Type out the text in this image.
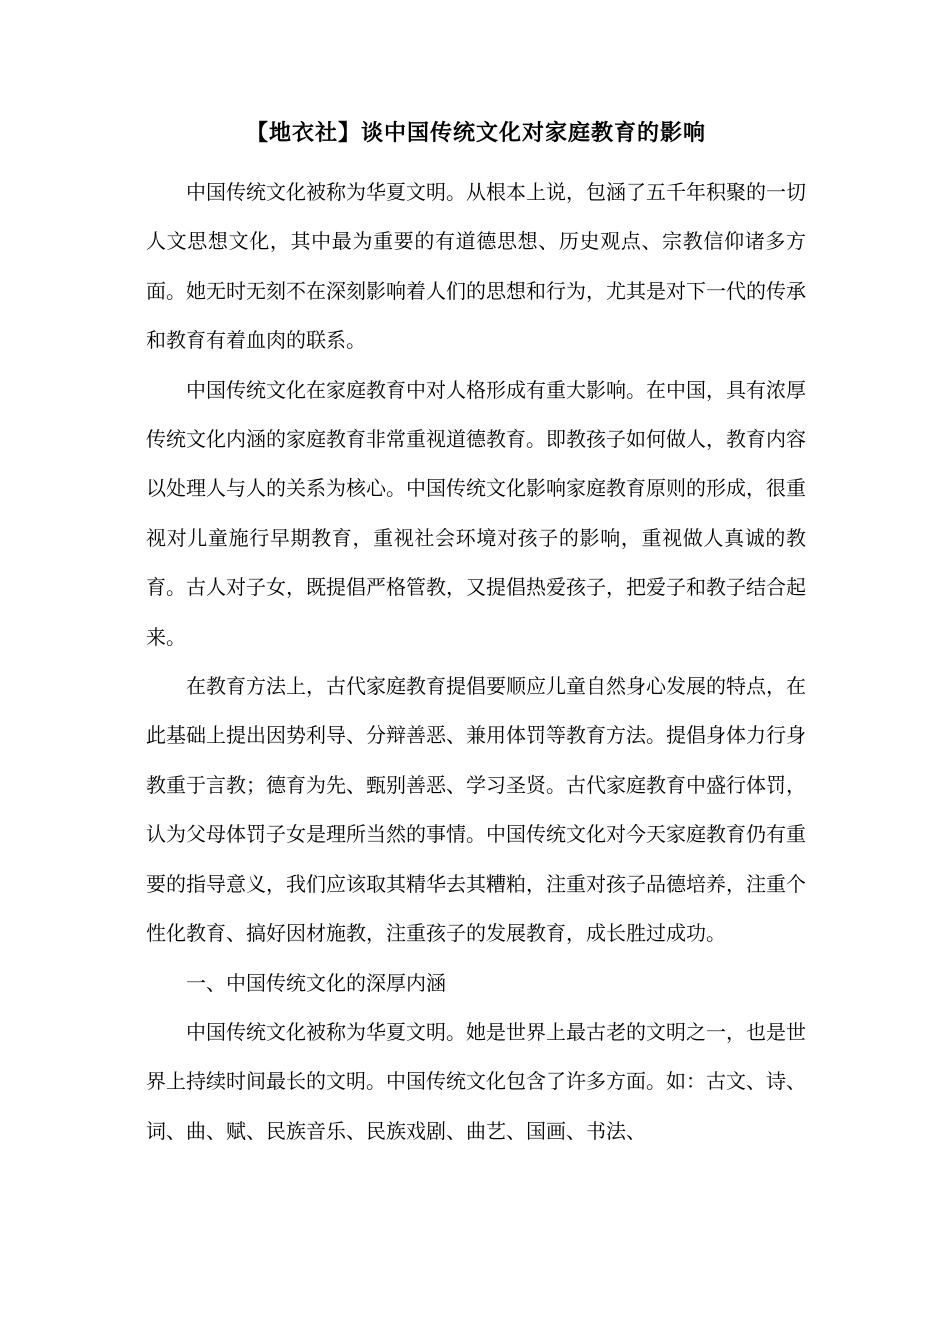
【地衣社】谈中国传统文化对家庭教育的影响

中国传统文化被称为华夏文明。从根本上说，包涵了五千年积聚的一切人文思想文化，其中最为重要的有道德思想、历史观点、宗教信仰诸多方面。她无时无刻不在深刻影响着人们的思想和行为，尤其是对下一代的传承和教育有着血肉的联系。

中国传统文化在家庭教育中对人格形成有重大影响。在中国，具有浓厚传统文化内涵的家庭教育非常重视道德教育。即教孩子如何做人，教育内容以处理人与人的关系为核心。中国传统文化影响家庭教育原则的形成，很重视对儿童施行早期教育，重视社会环境对孩子的影响，重视做人真诚的教育。古人对子女，既提倡严格管教，又提倡热爱孩子，把爱子和教子结合起来。

在教育方法上，古代家庭教育提倡要顺应儿童自然身心发展的特点，在此基础上提出因势利导、分辩善恶、兼用体罚等教育方法。提倡身体力行身教重于言教；德育为先、甄别善恶、学习圣贤。古代家庭教育中盛行体罚，认为父母体罚子女是理所当然的事情。中国传统文化对今天家庭教育仍有重要的指导意义，我们应该取其精华去其糟粕，注重对孩子品德培养，注重个性化教育、搞好因材施教，注重孩子的发展教育，成长胜过成功。

一、中国传统文化的深厚内涵

中国传统文化被称为华夏文明。她是世界上最古老的文明之一，也是世界上持续时间最长的文明。中国传统文化包含了许多方面。如：古文、诗、词、曲、赋、民族音乐、民族戏剧、曲艺、国画、书法、
